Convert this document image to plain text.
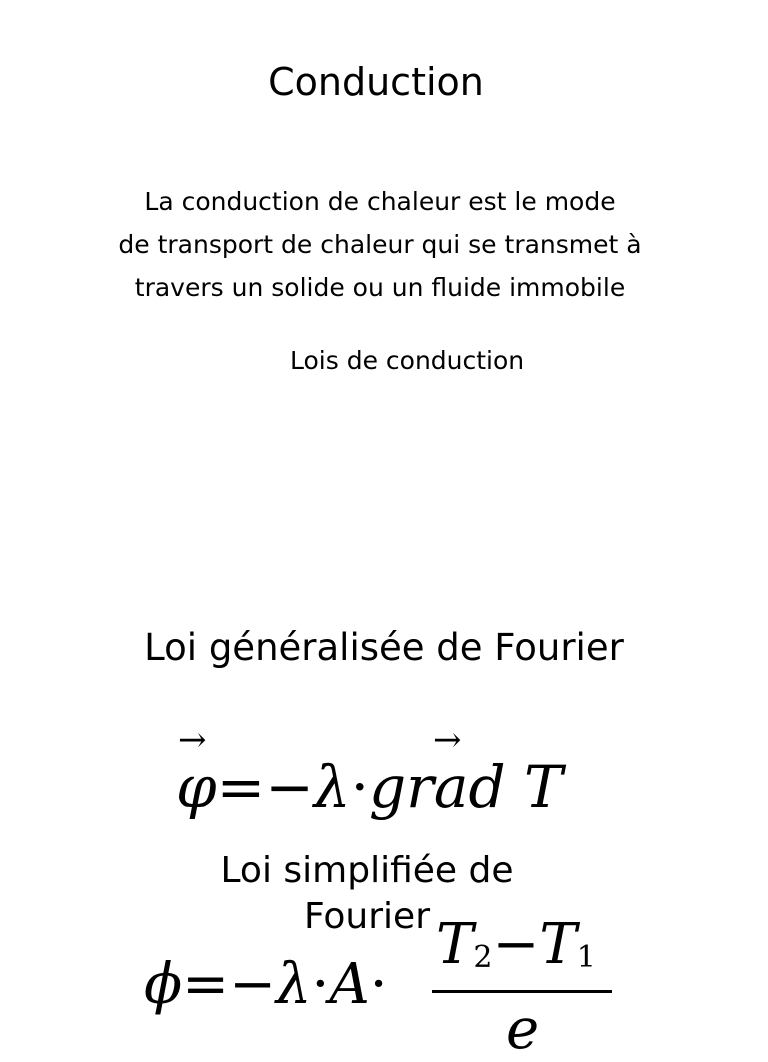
Conduction
La conduction de chaleur est le mode
de transport de chaleur qui se transmet à
travers un solide ou un fluide immobile
Lois de conduction
Loi généralisée de Fourier
→	→
φ=−λ·grad T
Loi simplifiée de
Fourier
ϕ=−λ·A·
$T_2-T_1$
e
